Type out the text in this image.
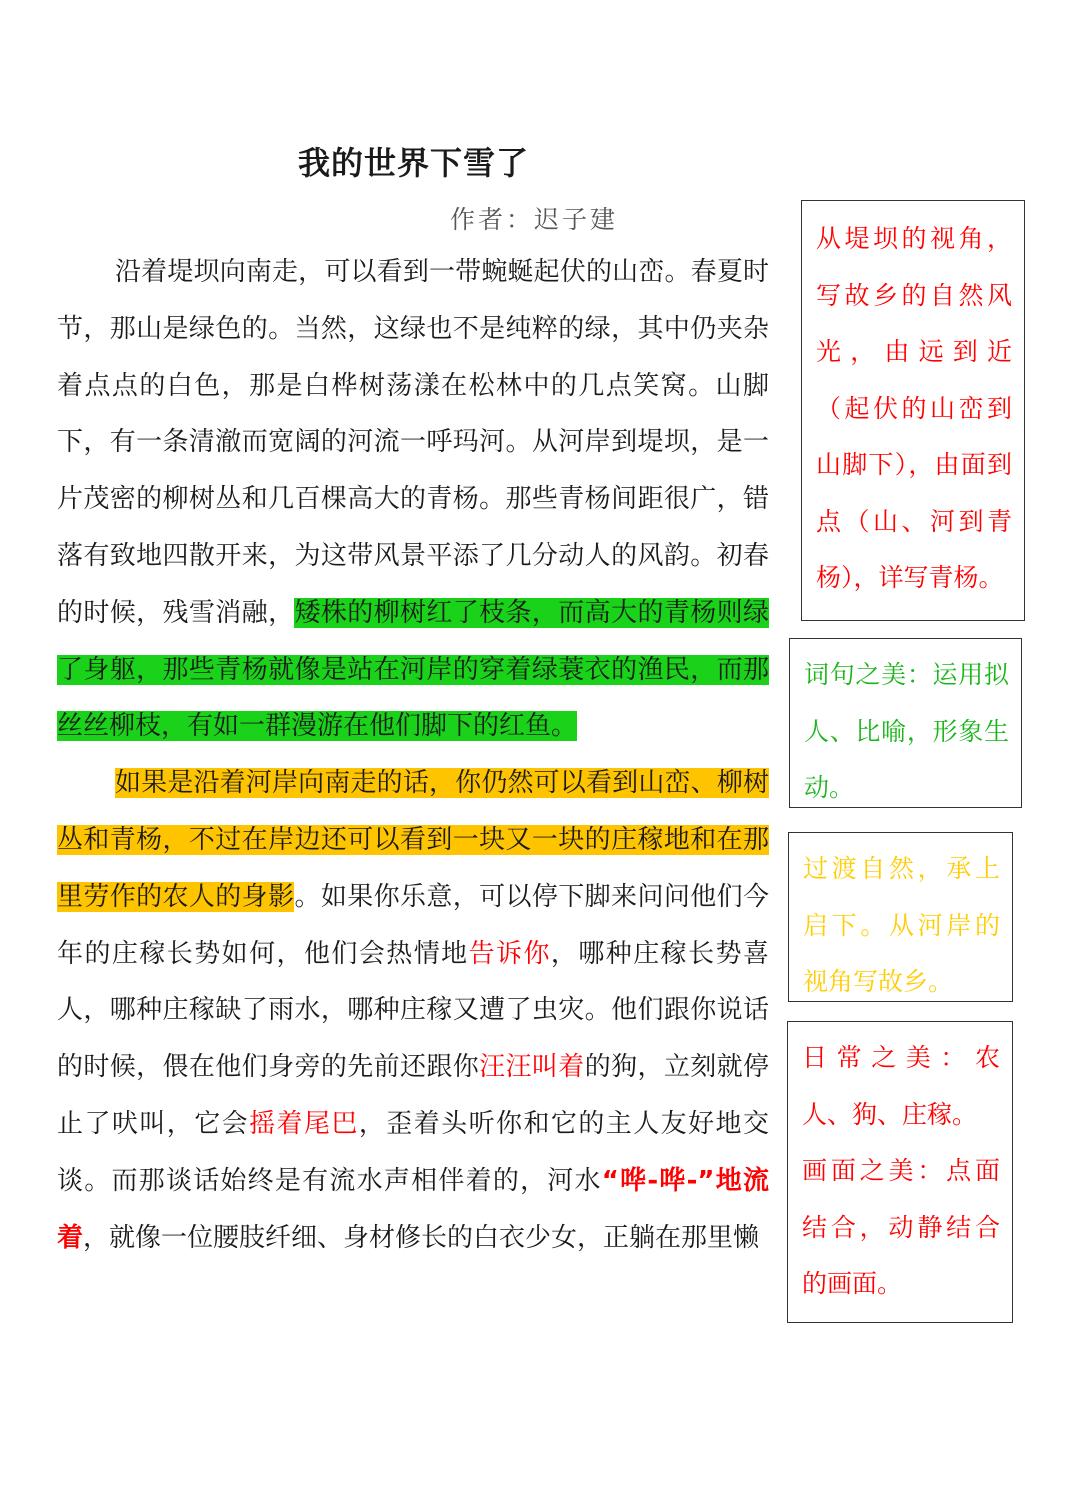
我的世界下雪了
作者：迟子建

沿着堤坝向南走，可以看到一带蜿蜒起伏的山峦。春夏时节，那山是绿色的。当然，这绿也不是纯粹的绿，其中仍夹杂着点点的白色，那是白桦树荡漾在松林中的几点笑窝。山脚下，有一条清澈而宽阔的河流一呼玛河。从河岸到堤坝，是一片茂密的柳树丛和几百棵高大的青杨。那些青杨间距很广，错落有致地四散开来，为这带风景平添了几分动人的风韵。初春的时候，残雪消融，矮株的柳树红了枝条，而高大的青杨则绿了身躯，那些青杨就像是站在河岸的穿着绿蓑衣的渔民，而那丝丝柳枝，有如一群漫游在他们脚下的红鱼。

如果是沿着河岸向南走的话，你仍然可以看到山峦、柳树丛和青杨，不过在岸边还可以看到一块又一块的庄稼地和在那里劳作的农人的身影。如果你乐意，可以停下脚来问问他们今年的庄稼长势如何，他们会热情地告诉你，哪种庄稼长势喜人，哪种庄稼缺了雨水，哪种庄稼又遭了虫灾。他们跟你说话的时候，偎在他们身旁的先前还跟你汪汪叫着的狗，立刻就停止了吠叫，它会摇着尾巴，歪着头听你和它的主人友好地交谈。而那谈话始终是有流水声相伴着的，河水“哗-哗-”地流着，就像一位腰肢纤细、身材修长的白衣少女，正躺在那里懒

从堤坝的视角，写故乡的自然风光，由远到近（起伏的山峦到山脚下），由面到点（山、河到青杨），详写青杨。

词句之美：运用拟人、比喻，形象生动。

过渡自然，承上启下。从河岸的视角写故乡。

日常之美：农人、狗、庄稼。

画面之美：点面结合，动静结合的画面。
